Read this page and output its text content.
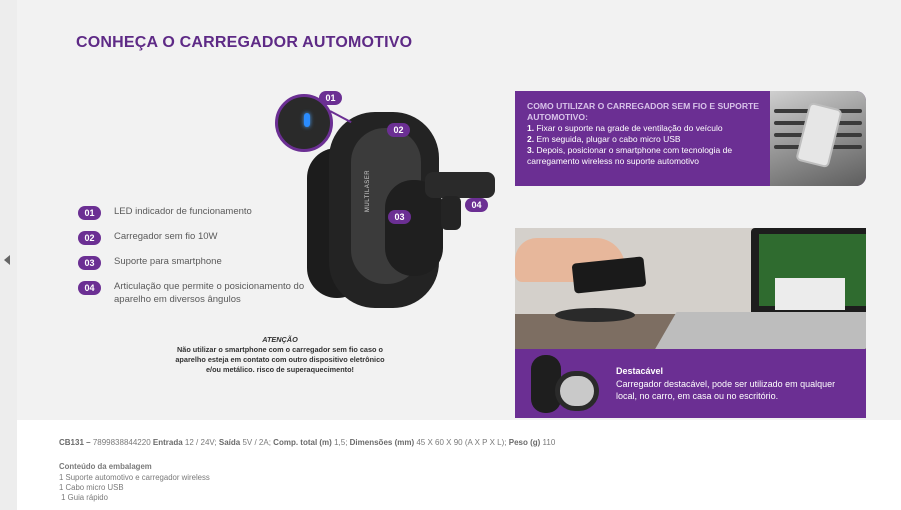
CONHEÇA O CARREGADOR AUTOMOTIVO
MULTILASER
01
02
03
04
01	LED indicador de funcionamento
02	Carregador sem fio 10W
03	Suporte para smartphone
04	Articulação que permite o posicionamento do aparelho em diversos ângulos
ATENÇÃO
Não utilizar o smartphone com o carregador sem fio caso o aparelho esteja em contato com outro dispositivo eletrônico e/ou metálico. risco de superaquecimento!
COMO UTILIZAR O CARREGADOR SEM FIO E SUPORTE AUTOMOTIVO:
1. Fixar o suporte na grade de ventilação do veículo
2. Em seguida, plugar o cabo micro USB
3. Depois, posicionar o smartphone com tecnologia de carregamento wireless no suporte automotivo
Destacável
Carregador destacável, pode ser utilizado em qualquer local, no carro, em casa ou no escritório.
CB131 – 7899838844220 Entrada 12 / 24V; Saída 5V / 2A; Comp. total (m) 1,5; Dimensões (mm) 45 X 60 X 90 (A X P X L); Peso (g) 110
Conteúdo da embalagem
1 Suporte automotivo e carregador wireless
1 Cabo micro USB
1 Guia rápido
